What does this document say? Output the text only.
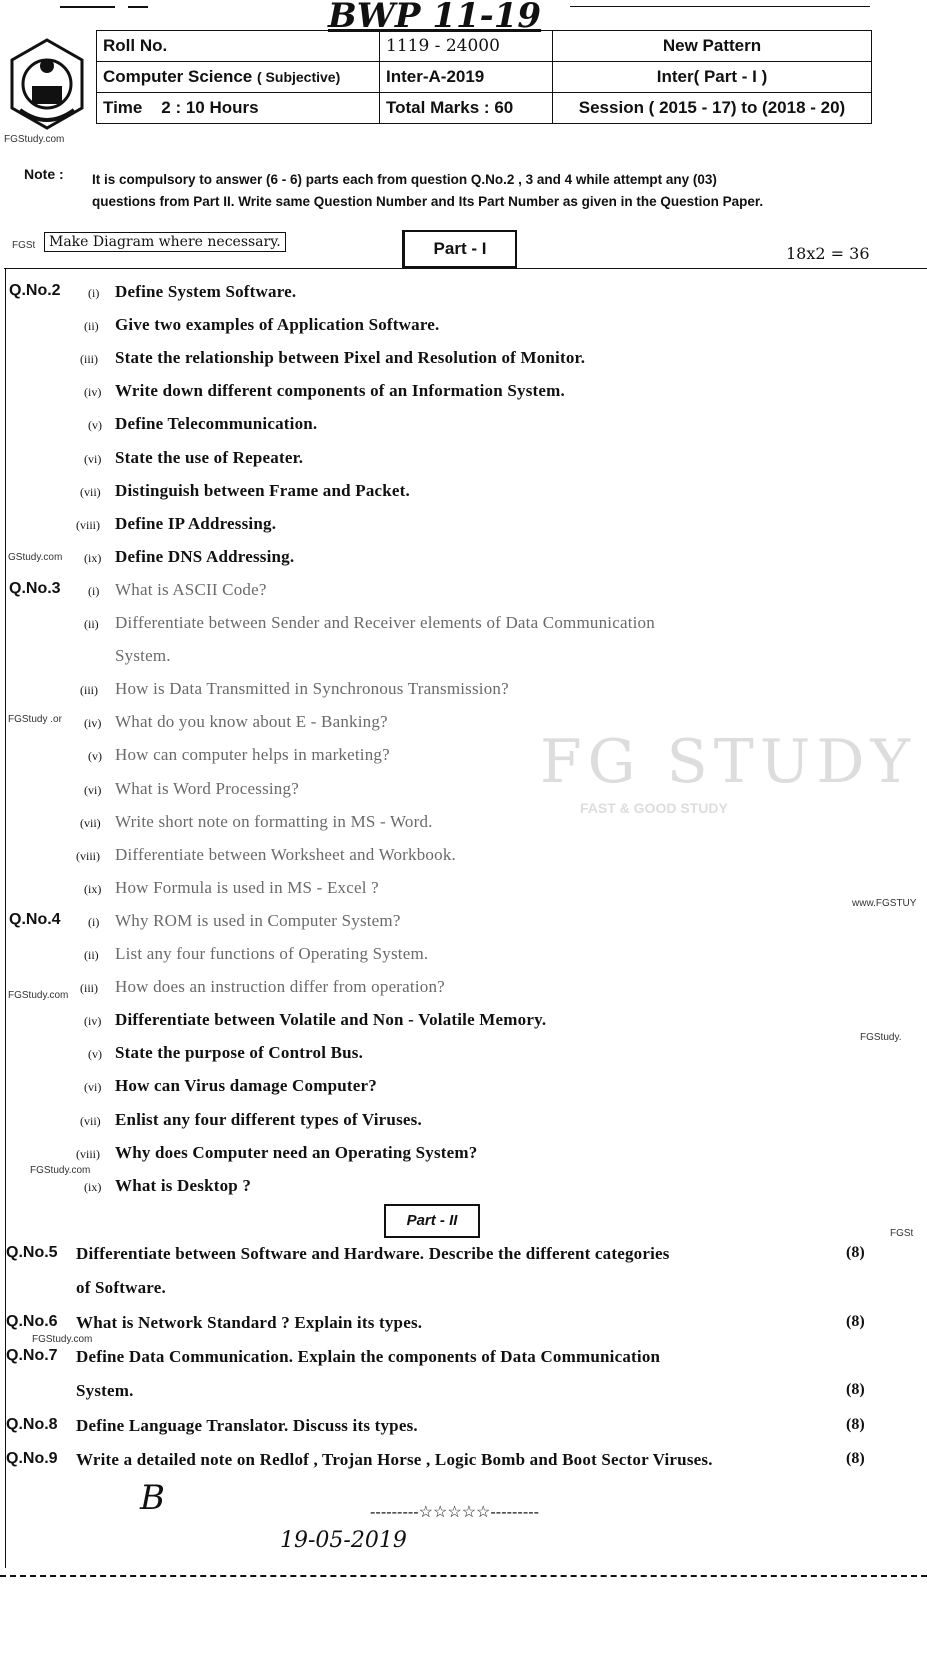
BWP 11-19
FGStudy.com
Roll No.	1119 - 24000	New Pattern
Computer Science ( Subjective)	Inter-A-2019	Inter( Part - I )
Time    2 : 10 Hours	Total Marks : 60	Session ( 2015 - 17) to (2018 - 20)
Note : It is compulsory to answer (6 - 6) parts each from question Q.No.2 , 3 and 4 while attempt any (03)
questions from Part II. Write same Question Number and Its Part Number as given in the Question Paper.
FGSt Make Diagram where necessary.	Part - I	18x2 = 36
Q.No.2 (i) Define System Software.
(ii) Give two examples of Application Software.
(iii) State the relationship between Pixel and Resolution of Monitor.
(iv) Write down different components of an Information System.
(v) Define Telecommunication.
(vi) State the use of Repeater.
(vii) Distinguish between Frame and Packet.
(viii) Define IP Addressing.
(ix) Define DNS Addressing.
Q.No.3 (i) What is ASCII Code?
(ii) Differentiate between Sender and Receiver elements of Data Communication
System.
(iii) How is Data Transmitted in Synchronous Transmission?
(iv) What do you know about E - Banking?
(v) How can computer helps in marketing?
(vi) What is Word Processing?
(vii) Write short note on formatting in MS - Word.
(viii) Differentiate between Worksheet and Workbook.
(ix) How Formula is used in MS - Excel ?
Q.No.4 (i) Why ROM is used in Computer System?
(ii) List any four functions of Operating System.
(iii) How does an instruction differ from operation?
(iv) Differentiate between Volatile and Non - Volatile Memory.
(v) State the purpose of Control Bus.
(vi) How can Virus damage Computer?
(vii) Enlist any four different types of Viruses.
(viii) Why does Computer need an Operating System?
(ix) What is Desktop ?
Q.No.5 Differentiate between Software and Hardware. Describe the different categories
of Software.
(8)
Q.No.6 What is Network Standard ? Explain its types.	(8)
Q.No.7 Define Data Communication. Explain the components of Data Communication
System.	(8)
Q.No.8 Define Language Translator. Discuss its types.	(8)
Q.No.9 Write a detailed note on Redlof , Trojan Horse , Logic Bomb and Boot Sector Viruses.	(8)
GStudy.com
FGStudy .or
FGStudy.com
www.FGSTUY
FGStudy.
FGStudy.com
FGSt
FGStudy.com
FG STUDY
FAST & GOOD STUDY
Part - II
B	---------☆☆☆☆☆---------
19-05-2019
